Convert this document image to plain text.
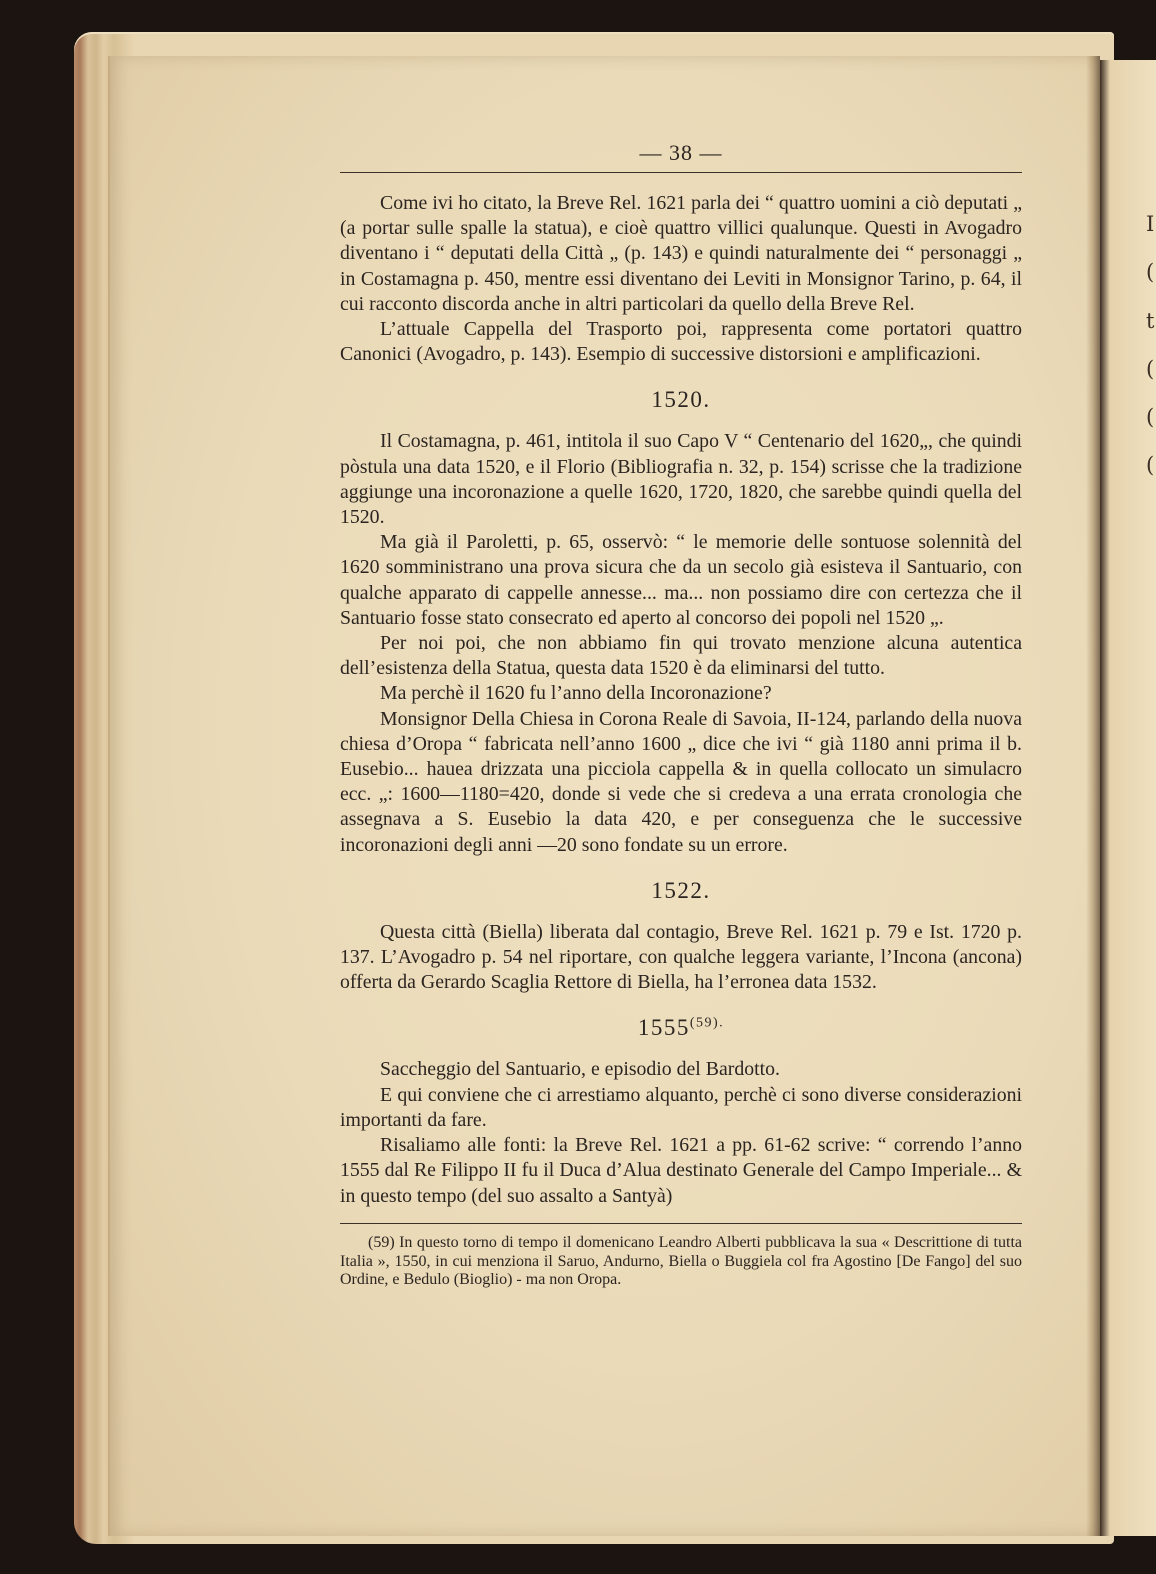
I
(
t
(
(
(
— 38 —

Come ivi ho citato, la Breve Rel. 1621 parla dei “ quattro uomini a ciò deputati „ (a portar sulle spalle la statua), e cioè quattro villici qualunque. Questi in Avogadro diventano i “ deputati della Città „ (p. 143) e quindi naturalmente dei “ personaggi „ in Costamagna p. 450, mentre essi diventano dei Leviti in Monsignor Tarino, p. 64, il cui racconto discorda anche in altri particolari da quello della Breve Rel.

L’attuale Cappella del Trasporto poi, rappresenta come portatori quattro Canonici (Avogadro, p. 143). Esempio di successive distorsioni e amplificazioni.

1520.

Il Costamagna, p. 461, intitola il suo Capo V “ Centenario del 1620„, che quindi pòstula una data 1520, e il Florio (Bibliografia n. 32, p. 154) scrisse che la tradizione aggiunge una incoronazione a quelle 1620, 1720, 1820, che sarebbe quindi quella del 1520.

Ma già il Paroletti, p. 65, osservò: “ le memorie delle sontuose solennità del 1620 somministrano una prova sicura che da un secolo già esisteva il Santuario, con qualche apparato di cappelle annesse... ma... non possiamo dire con certezza che il Santuario fosse stato consecrato ed aperto al concorso dei popoli nel 1520 „.

Per noi poi, che non abbiamo fin qui trovato menzione alcuna autentica dell’esistenza della Statua, questa data 1520 è da eliminarsi del tutto.

Ma perchè il 1620 fu l’anno della Incoronazione?

Monsignor Della Chiesa in Corona Reale di Savoia, II-124, parlando della nuova chiesa d’Oropa “ fabricata nell’anno 1600 „ dice che ivi “ già 1180 anni prima il b. Eusebio... hauea drizzata una picciola cappella & in quella collocato un simulacro ecc. „: 1600—1180=420, donde si vede che si credeva a una errata cronologia che assegnava a S. Eusebio la data 420, e per conseguenza che le successive incoronazioni degli anni —20 sono fondate su un errore.

1522.

Questa città (Biella) liberata dal contagio, Breve Rel. 1621 p. 79 e Ist. 1720 p. 137. L’Avogadro p. 54 nel riportare, con qualche leggera variante, l’Incona (ancona) offerta da Gerardo Scaglia Rettore di Biella, ha l’erronea data 1532.

$1555^{(59).}$

Saccheggio del Santuario, e episodio del Bardotto.

E qui conviene che ci arrestiamo alquanto, perchè ci sono diverse considerazioni importanti da fare.

Risaliamo alle fonti: la Breve Rel. 1621 a pp. 61-62 scrive: “ correndo l’anno 1555 dal Re Filippo II fu il Duca d’Alua destinato Generale del Campo Imperiale... & in questo tempo (del suo assalto a Santyà)

(59) In questo torno di tempo il domenicano Leandro Alberti pubblicava la sua « Descrittione di tutta Italia », 1550, in cui menziona il Saruo, Andurno, Biella o Buggiela col fra Agostino [De Fango] del suo Ordine, e Bedulo (Bioglio) - ma non Oropa.
